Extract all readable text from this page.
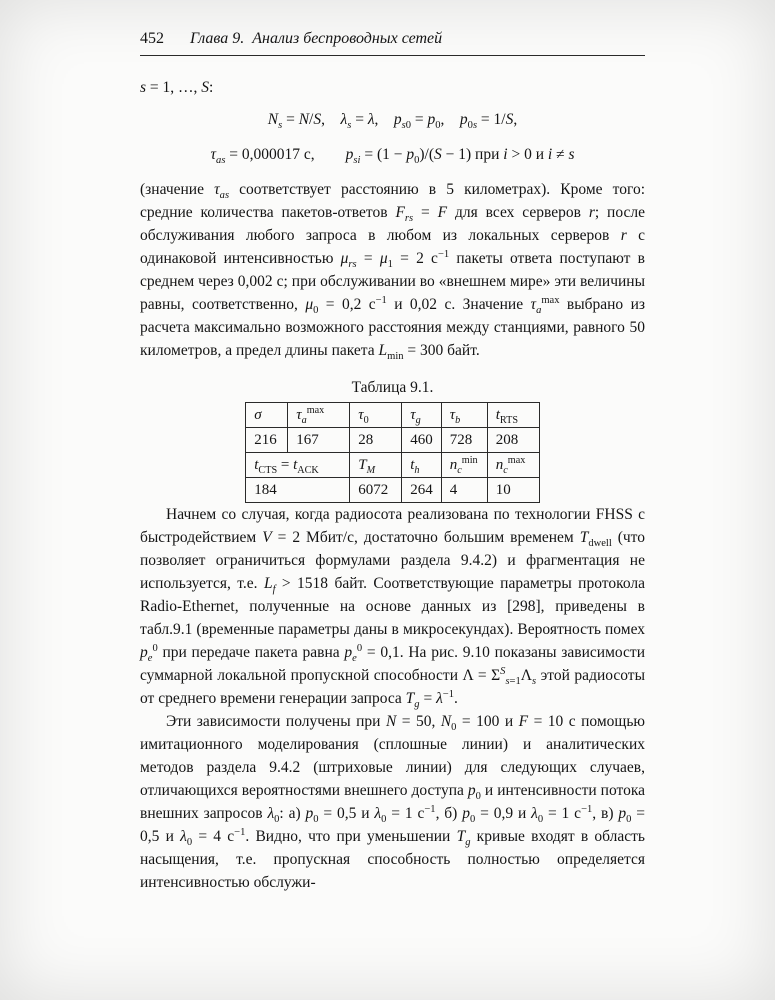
452 Глава 9. Анализ беспроводных сетей
s = 1, …, S:
$N_s = N/S$, $\lambda_s = \lambda$, $p_{s0} = p_0$, $p_{0s} = 1/S$,
$\tau_{as} = 0,000017$ с,  $p_{si} = (1 - p_0)/(S - 1)$ при i > 0 и i ≠ s

(значение $\tau_{as}$ соответствует расстоянию в 5 километрах). Кроме того: средние количества пакетов-ответов $F_{rs} = F$ для всех серверов r; после обслуживания любого запроса в любом из локальных серверов r с одинаковой интенсивностью $\mu_{rs} = \mu_1 = 2$ $с^{-1}$ пакеты ответа поступают в среднем через 0,002 с; при обслуживании во «внешнем мире» эти величины равны, соответственно, $\mu_0 = 0,2$ $с^{-1}$ и 0,02 с. Значение $\tau_a^{max}$ выбрано из расчета максимально возможного расстояния между станциями, равного 50 километров, а предел длины пакета $L_{min} = 300$ байт.

Таблица 9.1.
σ	$\tau_a^{max}$	$\tau_0$	$\tau_g$	$\tau_b$	$t_{RTS}$
216	167	28	460	728	208
$t_{CTS} = t_{ACK}$		$T_M$	$t_h$	$n_c^{min}$	$n_c^{max}$
184		6072	264	4	10

Начнем со случая, когда радиосота реализована по технологии FHSS с быстродействием V = 2 Мбит/с, достаточно большим временем $T_{dwell}$ (что позволяет ограничиться формулами раздела 9.4.2) и фрагментация не используется, т.е. $L_f > 1518$ байт. Соответствующие параметры протокола Radio-Ethernet, полученные на основе данных из [298], приведены в табл.9.1 (временные параметры даны в микросекундах). Вероятность помех $p_e^0$ при передаче пакета равна $p_e^0 = 0,1$. На рис. 9.10 показаны зависимости суммарной локальной пропускной способности $\Lambda = \Sigma^S_{s=1}\Lambda_s$ этой радиосоты от среднего времени генерации запроса $T_g = \lambda^{-1}$.

Эти зависимости получены при N = 50, $N_0 = 100$ и F = 10 с помощью имитационного моделирования (сплошные линии) и аналитических методов раздела 9.4.2 (штриховые линии) для следующих случаев, отличающихся вероятностями внешнего доступа $p_0$ и интенсивности потока внешних запросов $\lambda_0$: а) $p_0 = 0,5$ и $\lambda_0 = 1$ $с^{-1}$, б) $p_0 = 0,9$ и $\lambda_0 = 1$ $с^{-1}$, в) $p_0 = 0,5$ и $\lambda_0 = 4$ $с^{-1}$. Видно, что при уменьшении $T_g$ кривые входят в область насыщения, т.е. пропускная способность полностью определяется интенсивностью обслужи-
